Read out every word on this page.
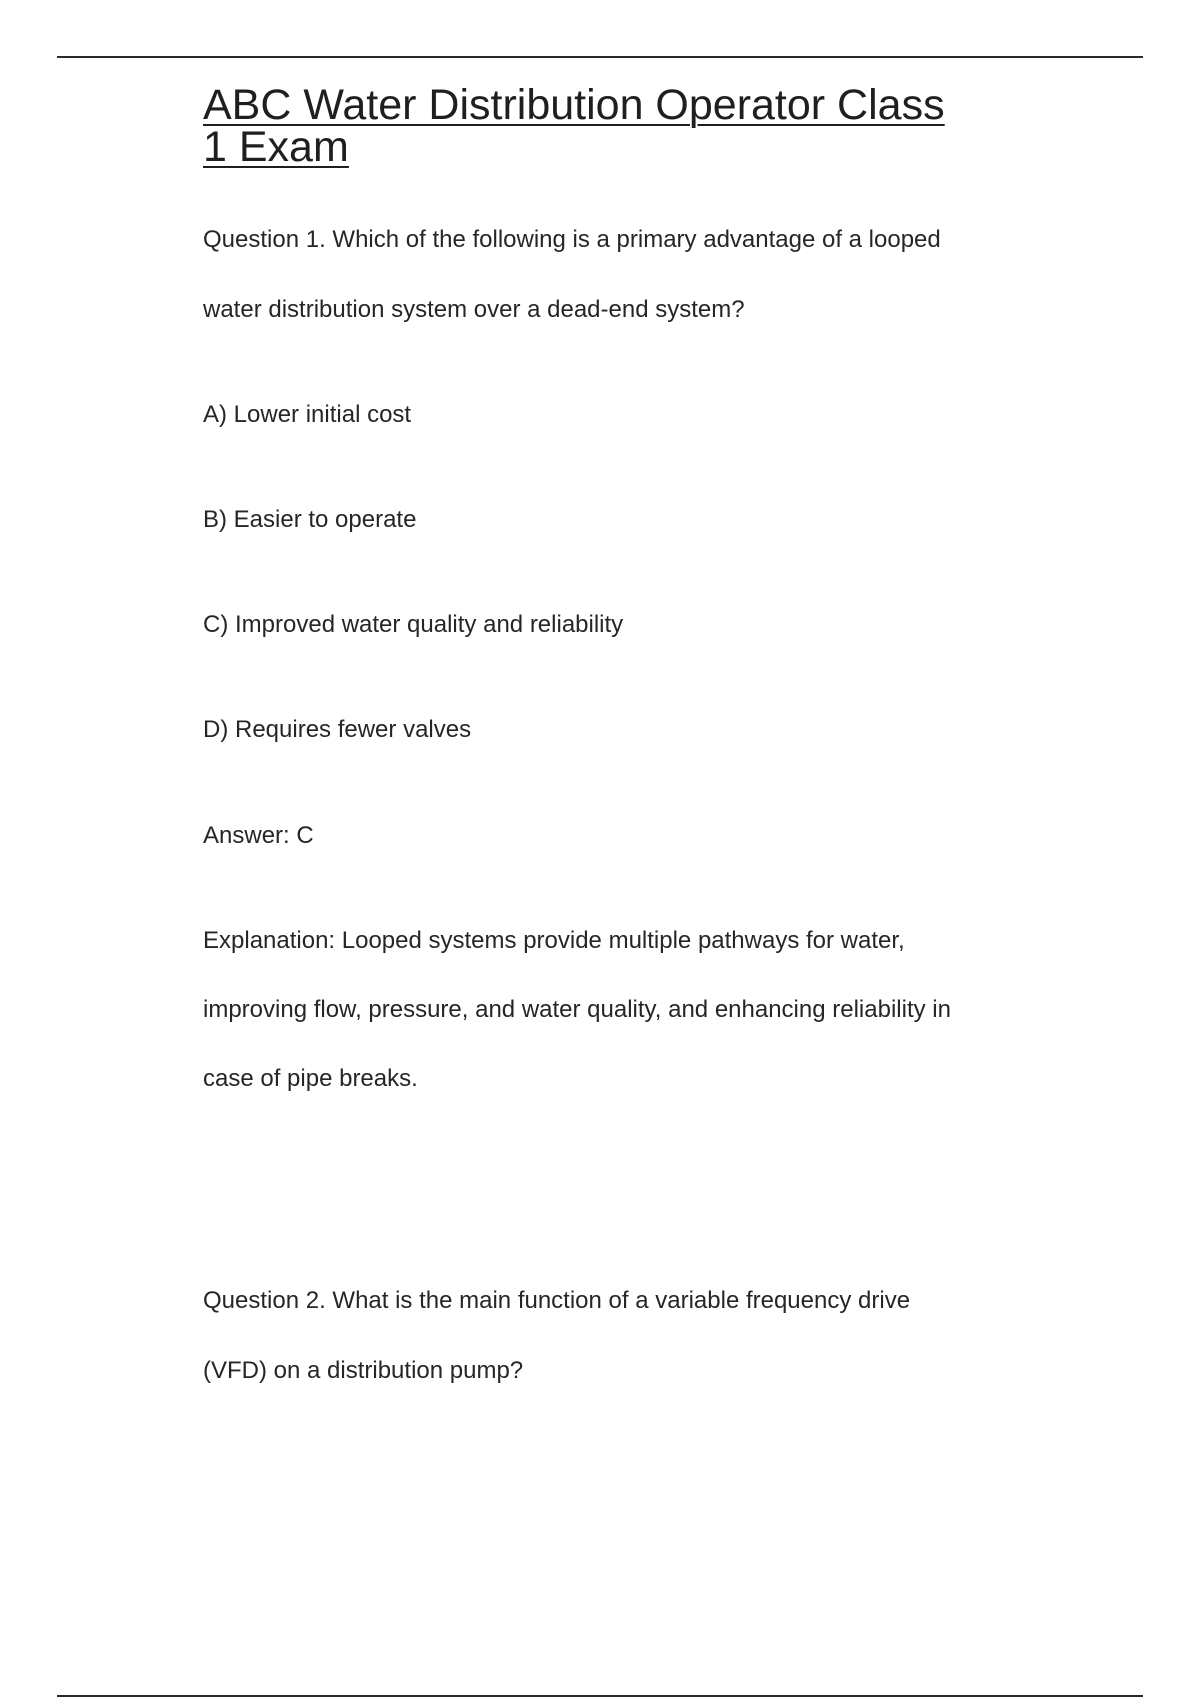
ABC Water Distribution Operator Class
1 Exam

Question 1. Which of the following is a primary advantage of a looped

water distribution system over a dead-end system?

A) Lower initial cost

B) Easier to operate

C) Improved water quality and reliability

D) Requires fewer valves

Answer: C

Explanation: Looped systems provide multiple pathways for water,

improving flow, pressure, and water quality, and enhancing reliability in

case of pipe breaks.

Question 2. What is the main function of a variable frequency drive

(VFD) on a distribution pump?
